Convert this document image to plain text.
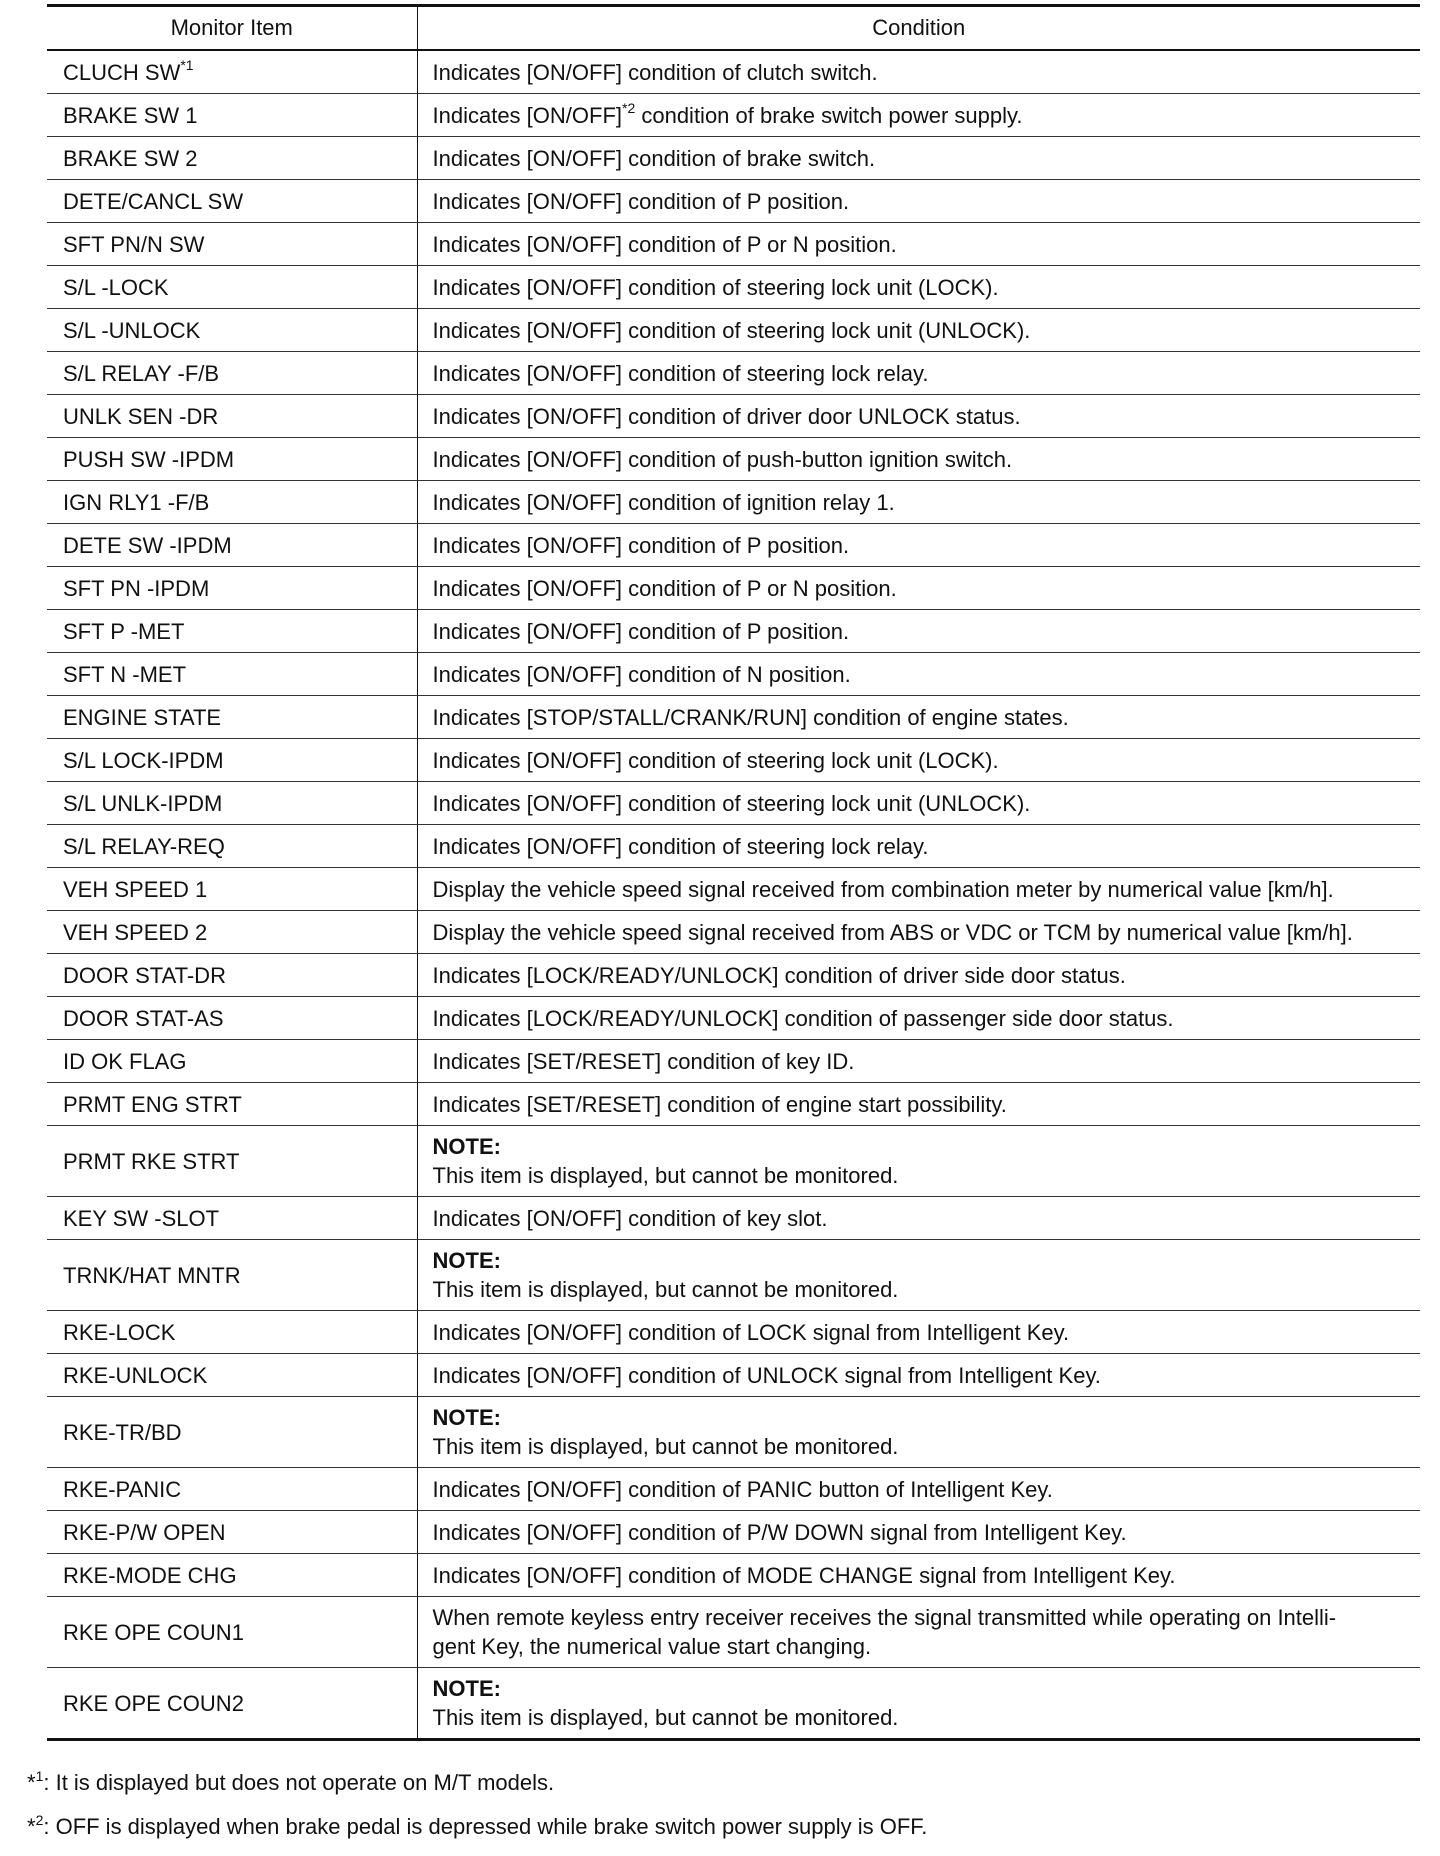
Monitor Item	Condition
CLUCH SW$^{*1}$	Indicates [ON/OFF] condition of clutch switch.
BRAKE SW 1	Indicates $[ON/OFF]^{*2}$ condition of brake switch power supply.
BRAKE SW 2	Indicates [ON/OFF] condition of brake switch.
DETE/CANCL SW	Indicates [ON/OFF] condition of P position.
SFT PN/N SW	Indicates [ON/OFF] condition of P or N position.
S/L -LOCK	Indicates [ON/OFF] condition of steering lock unit (LOCK).
S/L -UNLOCK	Indicates [ON/OFF] condition of steering lock unit (UNLOCK).
S/L RELAY -F/B	Indicates [ON/OFF] condition of steering lock relay.
UNLK SEN -DR	Indicates [ON/OFF] condition of driver door UNLOCK status.
PUSH SW -IPDM	Indicates [ON/OFF] condition of push-button ignition switch.
IGN RLY1 -F/B	Indicates [ON/OFF] condition of ignition relay 1.
DETE SW -IPDM	Indicates [ON/OFF] condition of P position.
SFT PN -IPDM	Indicates [ON/OFF] condition of P or N position.
SFT P -MET	Indicates [ON/OFF] condition of P position.
SFT N -MET	Indicates [ON/OFF] condition of N position.
ENGINE STATE	Indicates [STOP/STALL/CRANK/RUN] condition of engine states.
S/L LOCK-IPDM	Indicates [ON/OFF] condition of steering lock unit (LOCK).
S/L UNLK-IPDM	Indicates [ON/OFF] condition of steering lock unit (UNLOCK).
S/L RELAY-REQ	Indicates [ON/OFF] condition of steering lock relay.
VEH SPEED 1	Display the vehicle speed signal received from combination meter by numerical value [km/h].
VEH SPEED 2	Display the vehicle speed signal received from ABS or VDC or TCM by numerical value [km/h].
DOOR STAT-DR	Indicates [LOCK/READY/UNLOCK] condition of driver side door status.
DOOR STAT-AS	Indicates [LOCK/READY/UNLOCK] condition of passenger side door status.
ID OK FLAG	Indicates [SET/RESET] condition of key ID.
PRMT ENG STRT	Indicates [SET/RESET] condition of engine start possibility.
PRMT RKE STRT	NOTE:
This item is displayed, but cannot be monitored.

KEY SW -SLOT	Indicates [ON/OFF] condition of key slot.
TRNK/HAT MNTR	NOTE:
This item is displayed, but cannot be monitored.

RKE-LOCK	Indicates [ON/OFF] condition of LOCK signal from Intelligent Key.
RKE-UNLOCK	Indicates [ON/OFF] condition of UNLOCK signal from Intelligent Key.
RKE-TR/BD	NOTE:
This item is displayed, but cannot be monitored.

RKE-PANIC	Indicates [ON/OFF] condition of PANIC button of Intelligent Key.
RKE-P/W OPEN	Indicates [ON/OFF] condition of P/W DOWN signal from Intelligent Key.
RKE-MODE CHG	Indicates [ON/OFF] condition of MODE CHANGE signal from Intelligent Key.
RKE OPE COUN1	When remote keyless entry receiver receives the signal transmitted while operating on Intelli-
gent Key, the numerical value start changing.

RKE OPE COUN2	NOTE:
This item is displayed, but cannot be monitored.
*$^1$: It is displayed but does not operate on M/T models.
*$^2$: OFF is displayed when brake pedal is depressed while brake switch power supply is OFF.
